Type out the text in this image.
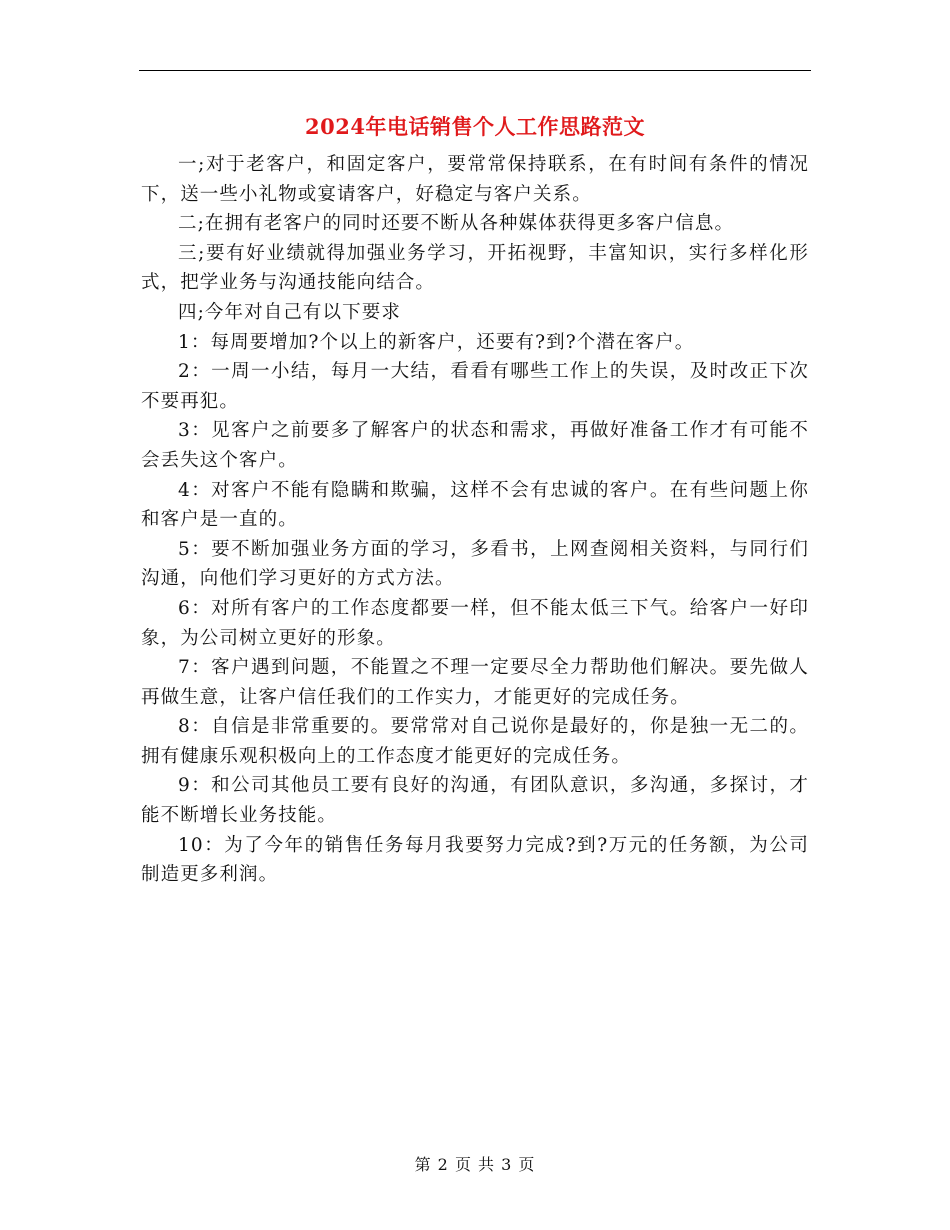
2024年电话销售个人工作思路范文

一;对于老客户，和固定客户，要常常保持联系，在有时间有条件的情况下，送一些小礼物或宴请客户，好稳定与客户关系。

二;在拥有老客户的同时还要不断从各种媒体获得更多客户信息。

三;要有好业绩就得加强业务学习，开拓视野，丰富知识，实行多样化形式，把学业务与沟通技能向结合。

四;今年对自己有以下要求

1：每周要增加?个以上的新客户，还要有?到?个潜在客户。

2：一周一小结，每月一大结，看看有哪些工作上的失误，及时改正下次不要再犯。

3：见客户之前要多了解客户的状态和需求，再做好准备工作才有可能不会丢失这个客户。

4：对客户不能有隐瞒和欺骗，这样不会有忠诚的客户。在有些问题上你和客户是一直的。

5：要不断加强业务方面的学习，多看书，上网查阅相关资料，与同行们沟通，向他们学习更好的方式方法。

6：对所有客户的工作态度都要一样，但不能太低三下气。给客户一好印象，为公司树立更好的形象。

7：客户遇到问题，不能置之不理一定要尽全力帮助他们解决。要先做人再做生意，让客户信任我们的工作实力，才能更好的完成任务。

8：自信是非常重要的。要常常对自己说你是最好的，你是独一无二的。拥有健康乐观积极向上的工作态度才能更好的完成任务。

9：和公司其他员工要有良好的沟通，有团队意识，多沟通，多探讨，才能不断增长业务技能。

10：为了今年的销售任务每月我要努力完成?到?万元的任务额，为公司制造更多利润。

第 2 页 共 3 页
